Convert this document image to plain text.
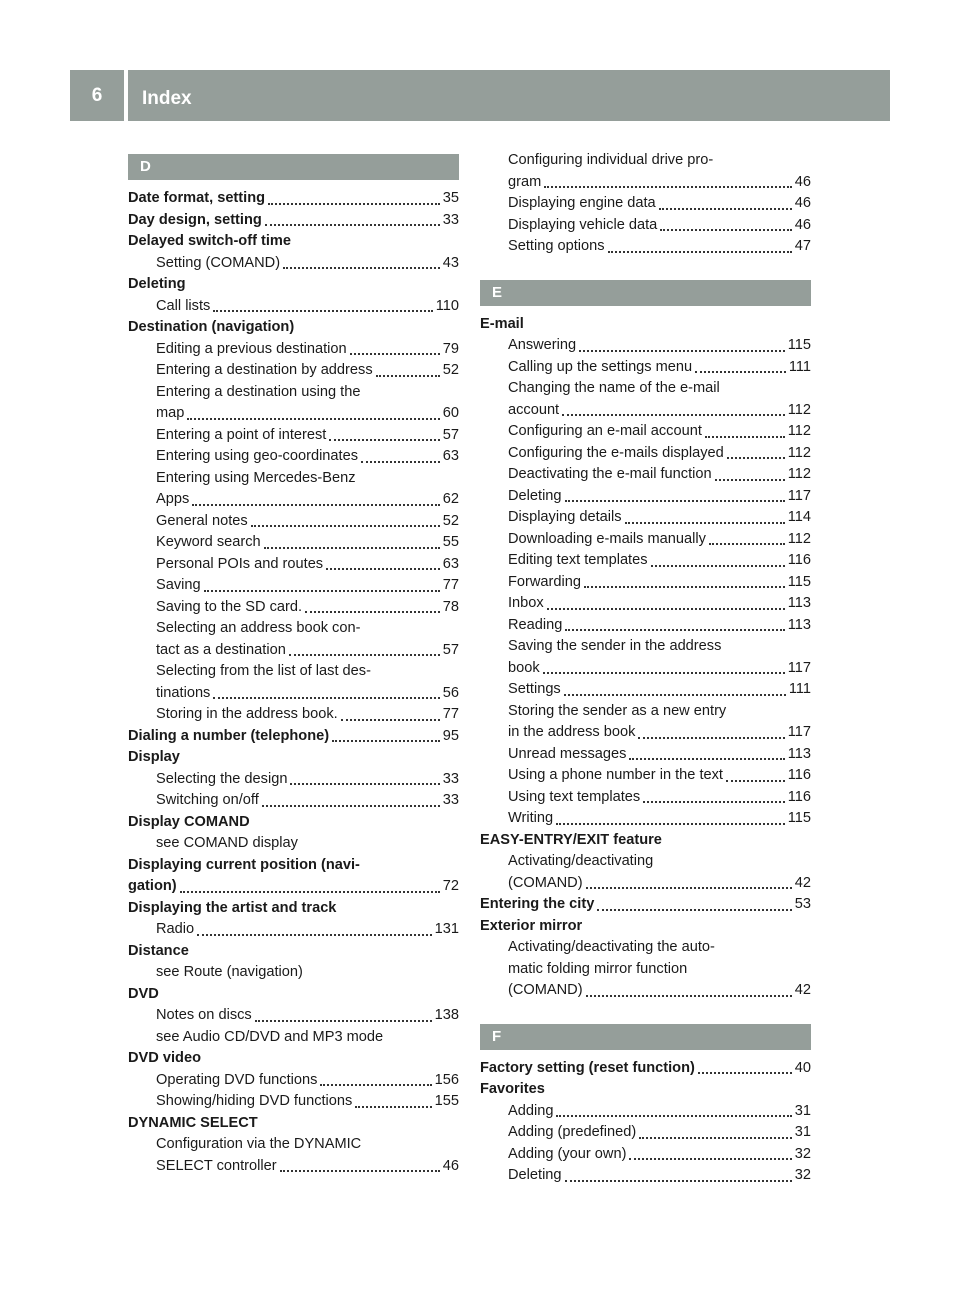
6	Index
D
Date format, setting	35
Day design, setting	33
Delayed switch-off time
Setting (COMAND)	43
Deleting
Call lists	110
Destination (navigation)
Editing a previous destination	79
Entering a destination by address	52
Entering a destination using the
map	60
Entering a point of interest	57
Entering using geo-coordinates	63
Entering using Mercedes-Benz
Apps	62
General notes	52
Keyword search	55
Personal POIs and routes	63
Saving	77
Saving to the SD card.	78
Selecting an address book con-
tact as a destination	57
Selecting from the list of last des-
tinations	56
Storing in the address book.	77
Dialing a number (telephone)	95
Display
Selecting the design	33
Switching on/off	33
Display COMAND
see COMAND display
Displaying current position (navi-
gation)	72
Displaying the artist and track
Radio	131
Distance
see Route (navigation)
DVD
Notes on discs	138
see Audio CD/DVD and MP3 mode
DVD video
Operating DVD functions	156
Showing/hiding DVD functions	155
DYNAMIC SELECT
Configuration via the DYNAMIC
SELECT controller	46
Configuring individual drive pro-
gram	46
Displaying engine data	46
Displaying vehicle data	46
Setting options	47
E
E-mail
Answering	115
Calling up the settings menu	111
Changing the name of the e-mail
account	112
Configuring an e-mail account	112
Configuring the e-mails displayed	112
Deactivating the e-mail function	112
Deleting	117
Displaying details	114
Downloading e-mails manually	112
Editing text templates	116
Forwarding	115
Inbox	113
Reading	113
Saving the sender in the address
book	117
Settings	111
Storing the sender as a new entry
in the address book	117
Unread messages	113
Using a phone number in the text	116
Using text templates	116
Writing	115
EASY-ENTRY/EXIT feature
Activating/deactivating
(COMAND)	42
Entering the city	53
Exterior mirror
Activating/deactivating the auto-
matic folding mirror function
(COMAND)	42
F
Factory setting (reset function)	40
Favorites
Adding	31
Adding (predefined)	31
Adding (your own)	32
Deleting	32
